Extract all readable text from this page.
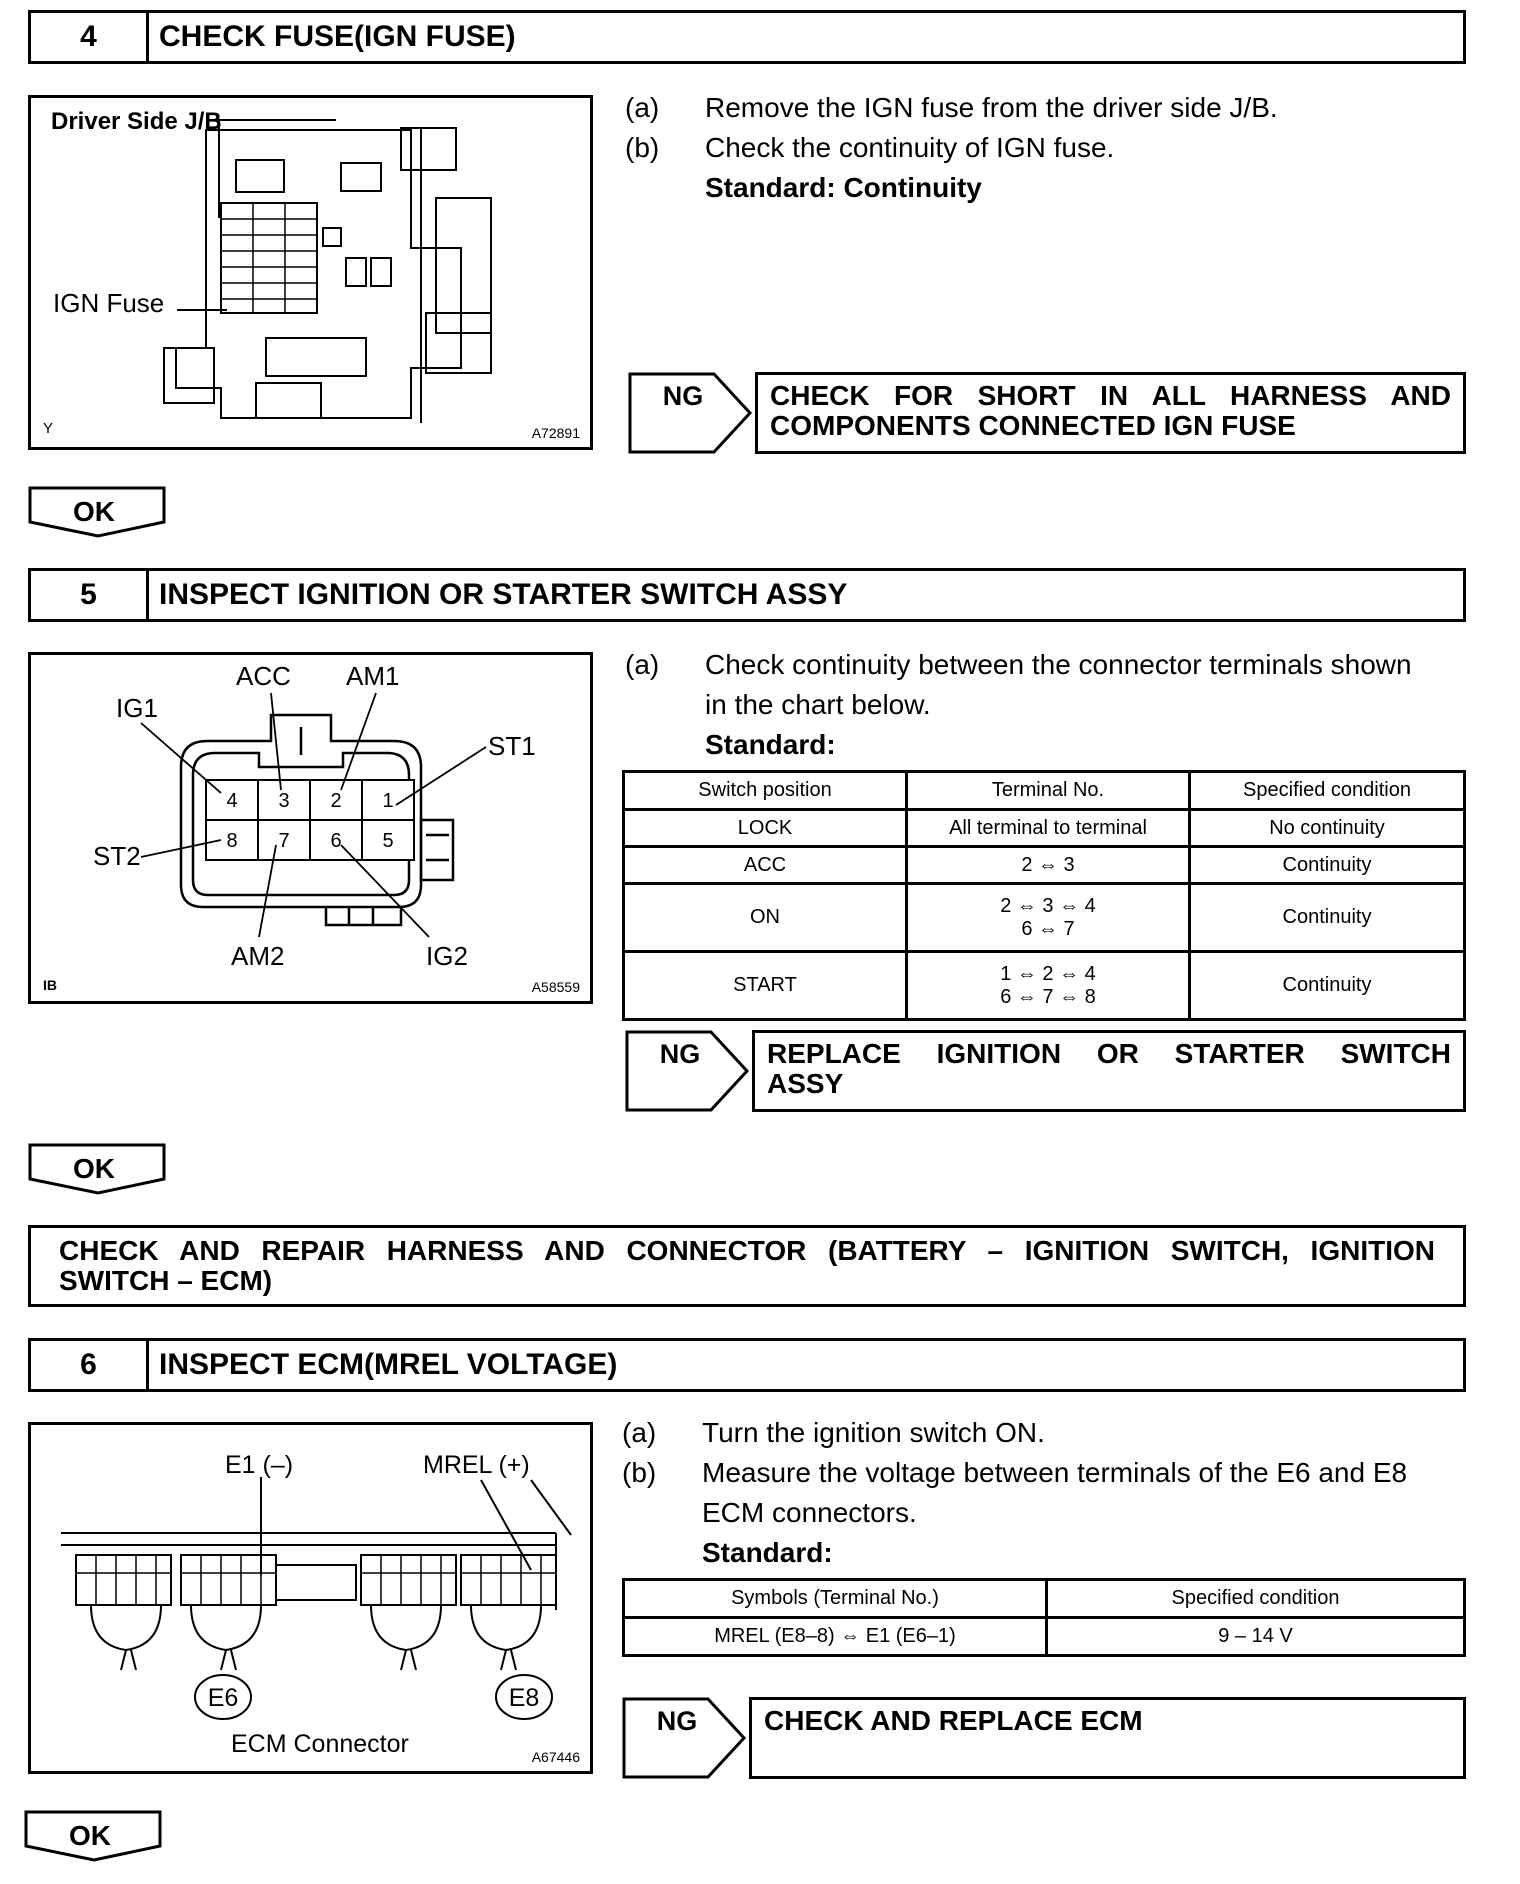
4	CHECK FUSE(IGN FUSE)
Driver Side J/B
IGN Fuse
Y	A72891
(a) Remove the IGN fuse from the driver side J/B.
(b) Check the continuity of IGN fuse.
Standard: Continuity
NG CHECK FOR SHORT IN ALL HARNESS AND
COMPONENTS CONNECTED IGN FUSE
OK
5	INSPECT IGNITION OR STARTER SWITCH ASSY
4 3 2 1
8 7 6 5
IG1
ACC AM1
ST1
ST2
AM2	IG2
IB	A58559
(a) Check continuity between the connector terminals shown
in the chart below.
Standard:
Switch position	Terminal No.	Specified condition
LOCK	All terminal to terminal	No continuity
ACC	2 ⇔ 3	Continuity
ON	2 ⇔ 3 ⇔ 4
6 ⇔ 7	Continuity
START	1 ⇔ 2 ⇔ 4
6 ⇔ 7 ⇔ 8	Continuity
NG REPLACE IGNITION OR STARTER SWITCH
ASSY
OK
CHECK AND REPAIR HARNESS AND CONNECTOR (BATTERY – IGNITION SWITCH, IGNITION
SWITCH – ECM)
6	INSPECT ECM(MREL VOLTAGE)
E1 (–)	MREL (+)
E6	E8
ECM Connector	A67446
(a) Turn the ignition switch ON.
(b) Measure the voltage between terminals of the E6 and E8
ECM connectors.
Standard:
Symbols (Terminal No.)	Specified condition
MREL (E8–8) ⇔ E1 (E6–1)	9 – 14 V
NG CHECK AND REPLACE ECM
OK
